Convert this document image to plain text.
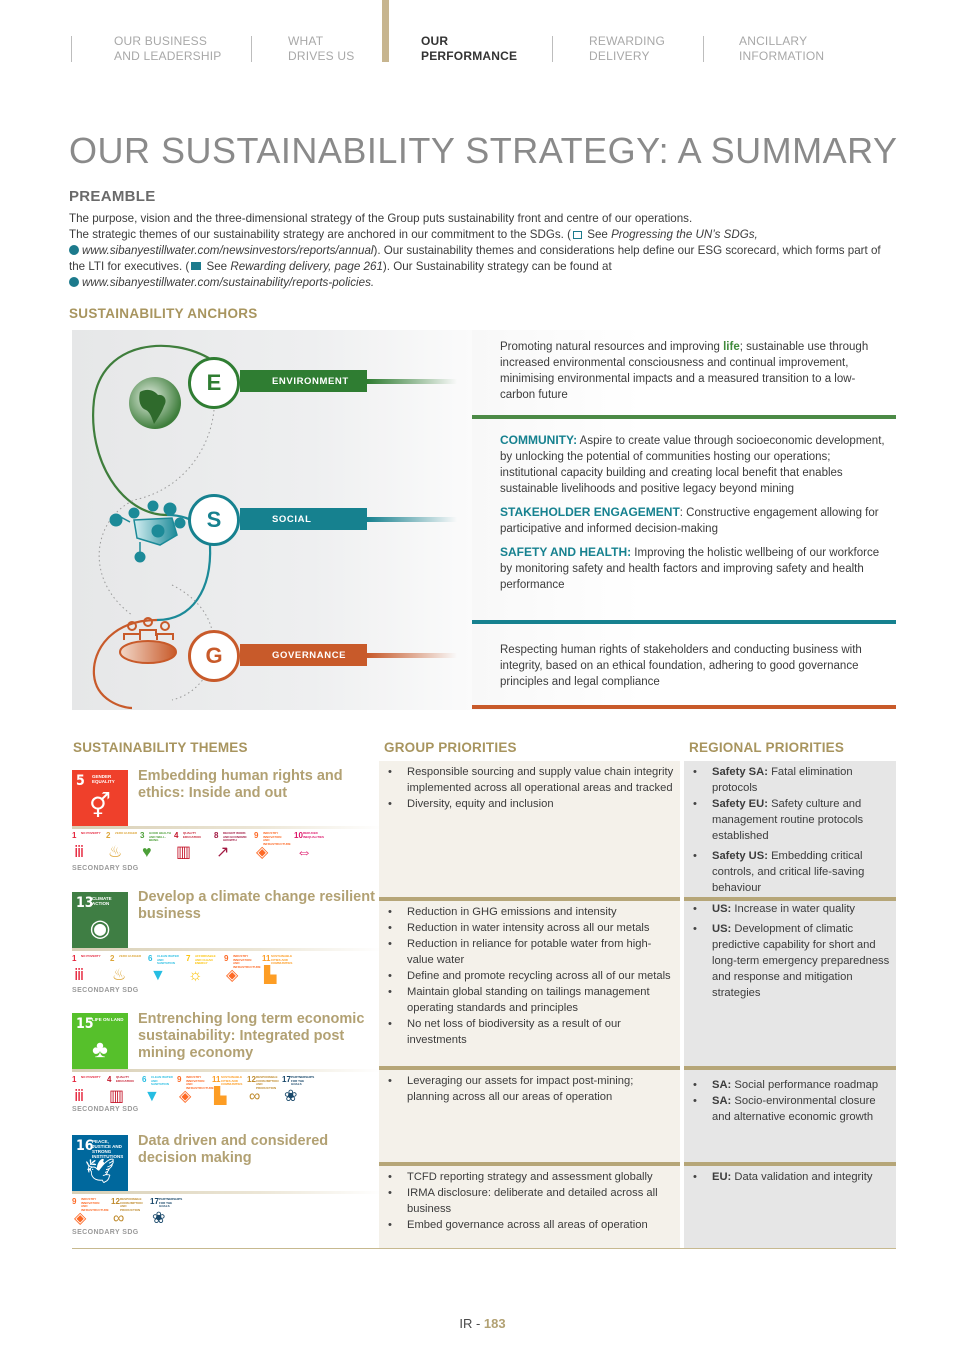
OUR BUSINESS
AND LEADERSHIP
WHAT
DRIVES US
OUR
PERFORMANCE
REWARDING
DELIVERY
ANCILLARY
INFORMATION
OUR SUSTAINABILITY STRATEGY: A SUMMARY
PREAMBLE
The purpose, vision and the three-dimensional strategy of the Group puts sustainability front and centre of our operations.
The strategic themes of our sustainability strategy are anchored in our commitment to the SDGs. ( See Progressing the UN’s SDGs,
www.sibanyestillwater.com/newsinvestors/reports/annual). Our sustainability themes and considerations help define our ESG scorecard, which forms part of the LTI for executives. ( See Rewarding delivery, page 261). Our Sustainability strategy can be found at
www.sibanyestillwater.com/sustainability/reports-policies.
SUSTAINABILITY ANCHORS
ENVIRONMENT
E
SOCIAL
S
GOVERNANCE
G

Promoting natural resources and improving life; sustainable use through increased environmental consciousness and continual improvement, minimising environmental impacts and a measured transition to a low-carbon future

COMMUNITY: Aspire to create value through socioeconomic development, by unlocking the potential of communities hosting our operations; institutional capacity building and creating local benefit that enables sustainable livelihoods and positive legacy beyond mining

STAKEHOLDER ENGAGEMENT: Constructive engagement allowing for participative and informed decision-making

SAFETY AND HEALTH: Improving the holistic wellbeing of our workforce by monitoring safety and health factors and improving safety and health performance

Respecting human rights of stakeholders and conducting business with integrity, based on an ethical foundation, adhering to good governance principles and legal compliance

SUSTAINABILITY THEMES	GROUP PRIORITIES	REGIONAL PRIORITIES
5 GENDER EQUALITY
⚥
Embedding human rights and ethics: Inside and out
1 NO POVERTY
ⅲ
2 ZERO HUNGER
♨
3 GOOD HEALTH AND WELL-BEING
♥
4 QUALITY EDUCATION
▥
8 DECENT WORK AND ECONOMIC GROWTH
↗
9 INDUSTRY INNOVATION AND INFRASTRUCTURE
◈
10 REDUCED INEQUALITIES
⇔
SECONDARY SDG
• Responsible sourcing and supply value chain integrity implemented across all operational areas and tracked
• Diversity, equity and inclusion
• Safety SA: Fatal elimination protocols
• Safety EU: Safety culture and management routine protocols established
• Safety US: Embedding critical controls, and critical life-saving behaviour
13
CLIMATE ACTION
◉
Develop a climate change resilient business
1 NO POVERTY
ⅲ
2 ZERO HUNGER
♨
6 CLEAN WATER AND SANITATION
▼
7 AFFORDABLE AND CLEAN ENERGY
☼
9 INDUSTRY INNOVATION AND INFRASTRUCTURE
◈
11 SUSTAINABLE CITIES AND COMMUNITIES
▙
SECONDARY SDG
• Reduction in GHG emissions and intensity
• Reduction in water intensity across all our metals
• Reduction in reliance for potable water from high-value water
• Define and promote recycling across all of our metals
• Maintain global standing on tailings management operating standards and principles
• No net loss of biodiversity as a result of our investments
• US: Increase in water quality
• US: Development of climatic predictive capability for short and long-term emergency preparedness and response and mitigation strategies
15
LIFE ON LAND
♣
Entrenching long term economic sustainability: Integrated post mining economy
1 NO POVERTY
ⅲ
4 QUALITY EDUCATION
▥
6 CLEAN WATER AND SANITATION
▼
9 INDUSTRY INNOVATION AND INFRASTRUCTURE
◈
11 SUSTAINABLE CITIES AND COMMUNITIES
▙
12 RESPONSIBLE CONSUMPTION AND PRODUCTION
∞
17 PARTNERSHIPS FOR THE GOALS
❀
SECONDARY SDG
• Leveraging our assets for impact post-mining; planning across all our areas of operation
• SA: Social performance roadmap
• SA: Socio-environmental closure and alternative economic growth
16
PEACE, JUSTICE AND STRONG INSTITUTIONS
🕊
Data driven and considered decision making
9 INDUSTRY INNOVATION AND INFRASTRUCTURE
◈
12 RESPONSIBLE CONSUMPTION AND PRODUCTION
∞
17 PARTNERSHIPS FOR THE GOALS
❀
SECONDARY SDG
• TCFD reporting strategy and assessment globally
• IRMA disclosure: deliberate and detailed across all business
• Embed governance across all areas of operation
• EU: Data validation and integrity
IR - 183
